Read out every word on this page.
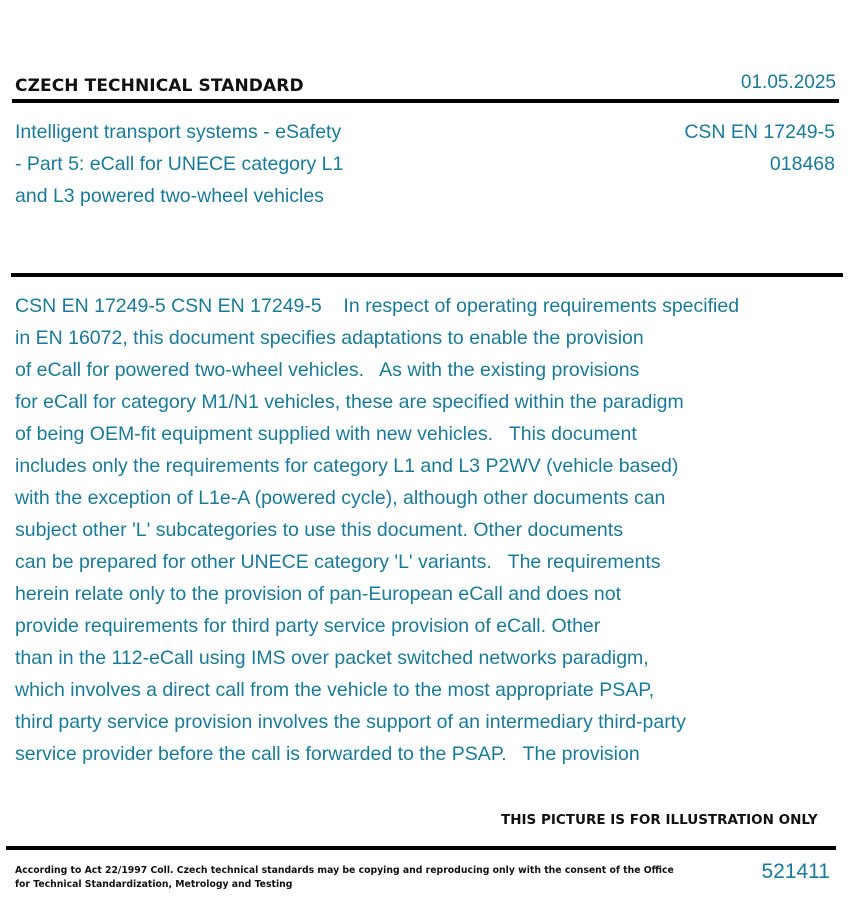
CZECH TECHNICAL STANDARD	01.05.2025
Intelligent transport systems - eSafety
- Part 5: eCall for UNECE category L1
and L3 powered two-wheel vehicles
CSN EN 17249-5
018468
CSN EN 17249-5 CSN EN 17249-5    In respect of operating requirements specified
in EN 16072, this document specifies adaptations to enable the provision
of eCall for powered two-wheel vehicles.   As with the existing provisions
for eCall for category M1/N1 vehicles, these are specified within the paradigm
of being OEM-fit equipment supplied with new vehicles.   This document
includes only the requirements for category L1 and L3 P2WV (vehicle based)
with the exception of L1e-A (powered cycle), although other documents can
subject other 'L' subcategories to use this document. Other documents
can be prepared for other UNECE category 'L' variants.   The requirements
herein relate only to the provision of pan-European eCall and does not
provide requirements for third party service provision of eCall. Other
than in the 112-eCall using IMS over packet switched networks paradigm,
which involves a direct call from the vehicle to the most appropriate PSAP,
third party service provision involves the support of an intermediary third-party
service provider before the call is forwarded to the PSAP.   The provision
THIS PICTURE IS FOR ILLUSTRATION ONLY
According to Act 22/1997 Coll. Czech technical standards may be copying and reproducing only with the consent of the Office
for Technical Standardization, Metrology and Testing
521411
